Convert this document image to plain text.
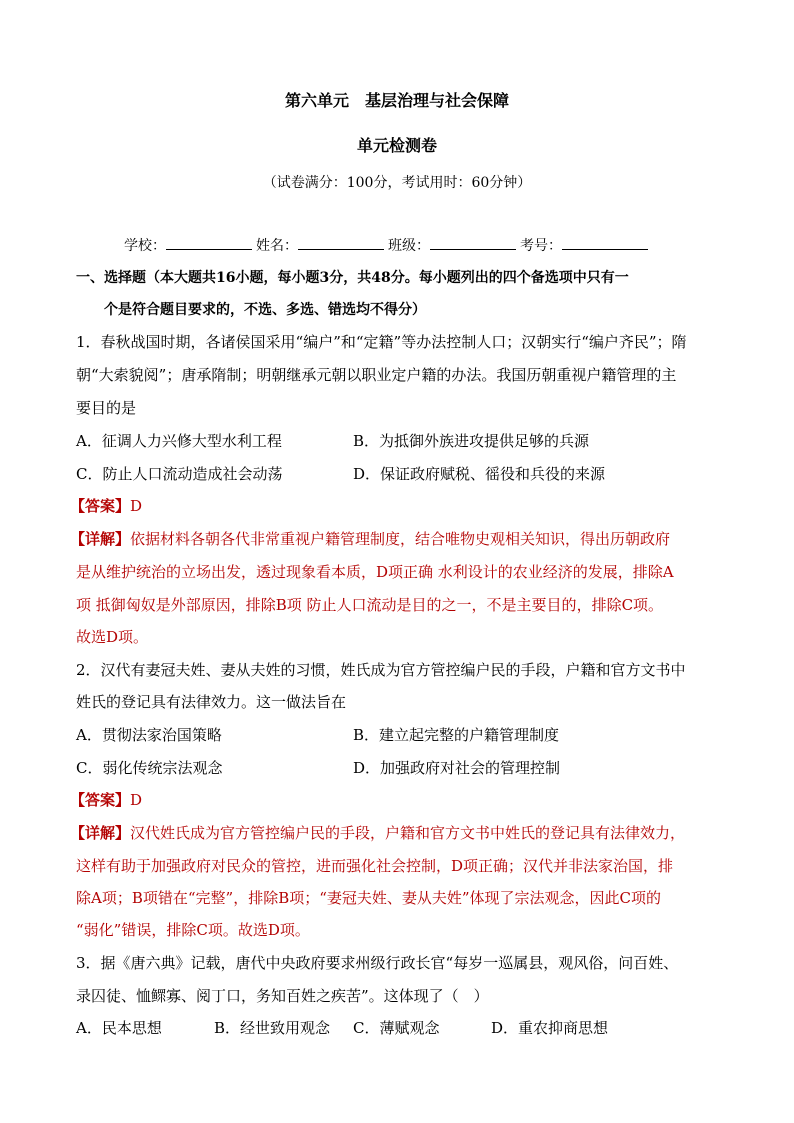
第六单元　基层治理与社会保障
单元检测卷
（试卷满分：100分，考试用时：60分钟）
学校：	姓名：	班级：	考号：
一、选择题（本大题共16小题，每小题3分，共48分。每小题列出的四个备选项中只有一
个是符合题目要求的，不选、多选、错选均不得分）
1．春秋战国时期，各诸侯国采用“编户”和“定籍”等办法控制人口；汉朝实行“编户齐民”；隋
朝“大索貌阅”；唐承隋制；明朝继承元朝以职业定户籍的办法。我国历朝重视户籍管理的主
要目的是
A．征调人力兴修大型水利工程	B．为抵御外族进攻提供足够的兵源
C．防止人口流动造成社会动荡	D．保证政府赋税、徭役和兵役的来源
【答案】D
【详解】依据材料各朝各代非常重视户籍管理制度，结合唯物史观相关知识，得出历朝政府
是从维护统治的立场出发，透过现象看本质，D项正确 水利设计的农业经济的发展，排除A
项 抵御匈奴是外部原因，排除B项 防止人口流动是目的之一，不是主要目的，排除C项。
故选D项。
2．汉代有妻冠夫姓、妻从夫姓的习惯，姓氏成为官方管控编户民的手段，户籍和官方文书中
姓氏的登记具有法律效力。这一做法旨在
A．贯彻法家治国策略	B．建立起完整的户籍管理制度
C．弱化传统宗法观念	D．加强政府对社会的管理控制
【答案】D
【详解】汉代姓氏成为官方管控编户民的手段，户籍和官方文书中姓氏的登记具有法律效力，
这样有助于加强政府对民众的管控，进而强化社会控制，D项正确；汉代并非法家治国，排
除A项；B项错在“完整”，排除B项；“妻冠夫姓、妻从夫姓”体现了宗法观念，因此C项的
“弱化”错误，排除C项。故选D项。
3．据《唐六典》记载，唐代中央政府要求州级行政长官“每岁一巡属县，观风俗，问百姓、
录囚徒、恤鳏寡、阅丁口，务知百姓之疾苦”。这体现了（　）
A．民本思想	B．经世致用观念 C．薄赋观念	D．重农抑商思想
